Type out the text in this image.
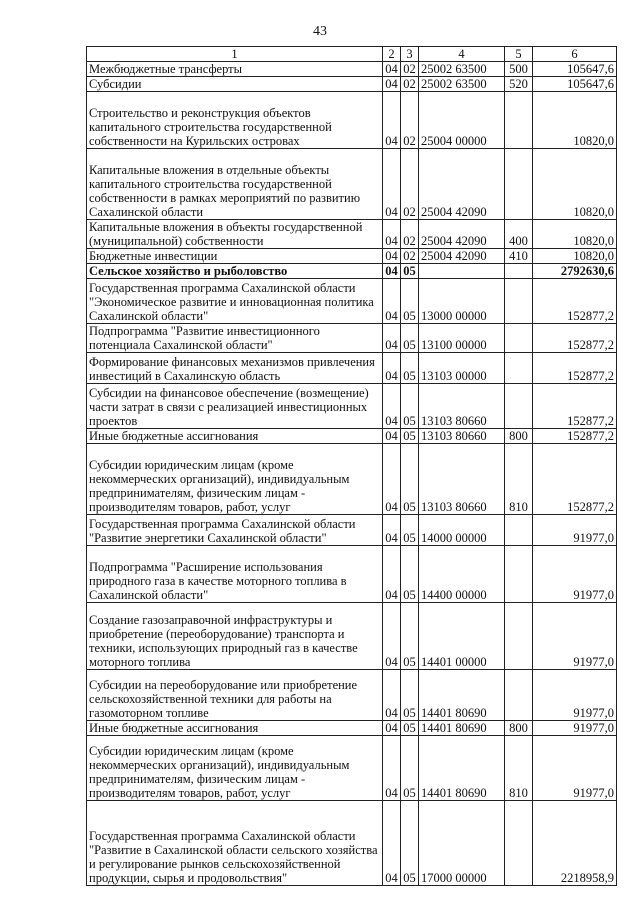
43
1	2	3	4	5	6
Межбюджетные трансферты	04	02	25002 63500	500	105647,6
Субсидии	04	02	25002 63500	520	105647,6
Строительство и реконструкция объектов капитального строительства государственной собственности на Курильских островах	04	02	25004 00000		10820,0
Капитальные вложения в отдельные объекты капитального строительства государственной собственности в рамках мероприятий по развитию Сахалинской области	04	02	25004 42090		10820,0
Капитальные вложения в объекты государственной (муниципальной) собственности	04	02	25004 42090	400	10820,0
Бюджетные инвестиции	04	02	25004 42090	410	10820,0
Сельское хозяйство и рыболовство	04	05			2792630,6
Государственная программа Сахалинской области "Экономическое развитие и инновационная политика Сахалинской области"	04	05	13000 00000		152877,2
Подпрограмма "Развитие инвестиционного потенциала Сахалинской области"	04	05	13100 00000		152877,2
Формирование финансовых механизмов привлечения инвестиций в Сахалинскую область	04	05	13103 00000		152877,2
Субсидии на финансовое обеспечение (возмещение) части затрат в связи с реализацией инвестиционных проектов	04	05	13103 80660		152877,2
Иные бюджетные ассигнования	04	05	13103 80660	800	152877,2
Субсидии юридическим лицам (кроме некоммерческих организаций), индивидуальным предпринимателям, физическим лицам - производителям товаров, работ, услуг	04	05	13103 80660	810	152877,2
Государственная программа Сахалинской области "Развитие энергетики Сахалинской области"	04	05	14000 00000		91977,0
Подпрограмма "Расширение использования природного газа в качестве моторного топлива в Сахалинской области"	04	05	14400 00000		91977,0
Создание газозаправочной инфраструктуры и приобретение (переоборудование) транспорта и техники, использующих природный газ в качестве моторного топлива	04	05	14401 00000		91977,0
Субсидии на переоборудование или приобретение сельскохозяйственной техники для работы на газомоторном топливе	04	05	14401 80690		91977,0
Иные бюджетные ассигнования	04	05	14401 80690	800	91977,0
Субсидии юридическим лицам (кроме некоммерческих организаций), индивидуальным предпринимателям, физическим лицам - производителям товаров, работ, услуг	04	05	14401 80690	810	91977,0
Государственная программа Сахалинской области "Развитие в Сахалинской области сельского хозяйства и регулирование рынков сельскохозяйственной продукции, сырья и продовольствия"	04	05	17000 00000		2218958,9
